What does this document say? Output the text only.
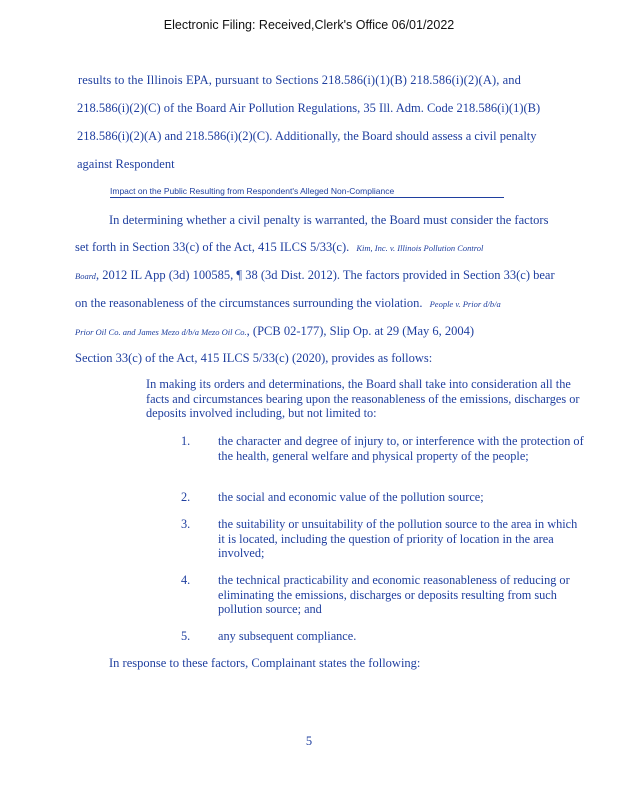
Electronic Filing: Received,Clerk's Office 06/01/2022
results to the Illinois EPA, pursuant to Sections 218.586(i)(1)(B) 218.586(i)(2)(A), and
218.586(i)(2)(C) of the Board Air Pollution Regulations, 35 Ill. Adm. Code 218.586(i)(1)(B)
218.586(i)(2)(A) and 218.586(i)(2)(C). Additionally, the Board should assess a civil penalty
against Respondent
Impact on the Public Resulting from Respondent's Alleged Non-Compliance
In determining whether a civil penalty is warranted, the Board must consider the factors
set forth in Section 33(c) of the Act, 415 ILCS 5/33(c). Kim, Inc. v. Illinois Pollution Control
Board, 2012 IL App (3d) 100585, ¶ 38 (3d Dist. 2012). The factors provided in Section 33(c) bear
on the reasonableness of the circumstances surrounding the violation. People v. Prior d/b/a
Prior Oil Co. and James Mezo d/b/a Mezo Oil Co., (PCB 02-177), Slip Op. at 29 (May 6, 2004)
Section 33(c) of the Act, 415 ILCS 5/33(c) (2020), provides as follows:
In making its orders and determinations, the Board shall take into consideration all the facts and circumstances bearing upon the reasonableness of the emissions, discharges or deposits involved including, but not limited to:
1.	the character and degree of injury to, or interference with the protection of the health, general welfare and physical property of the people;
2.	the social and economic value of the pollution source;
3.	the suitability or unsuitability of the pollution source to the area in which it is located, including the question of priority of location in the area involved;
4.	the technical practicability and economic reasonableness of reducing or eliminating the emissions, discharges or deposits resulting from such pollution source; and
5.	any subsequent compliance.
In response to these factors, Complainant states the following:
5
